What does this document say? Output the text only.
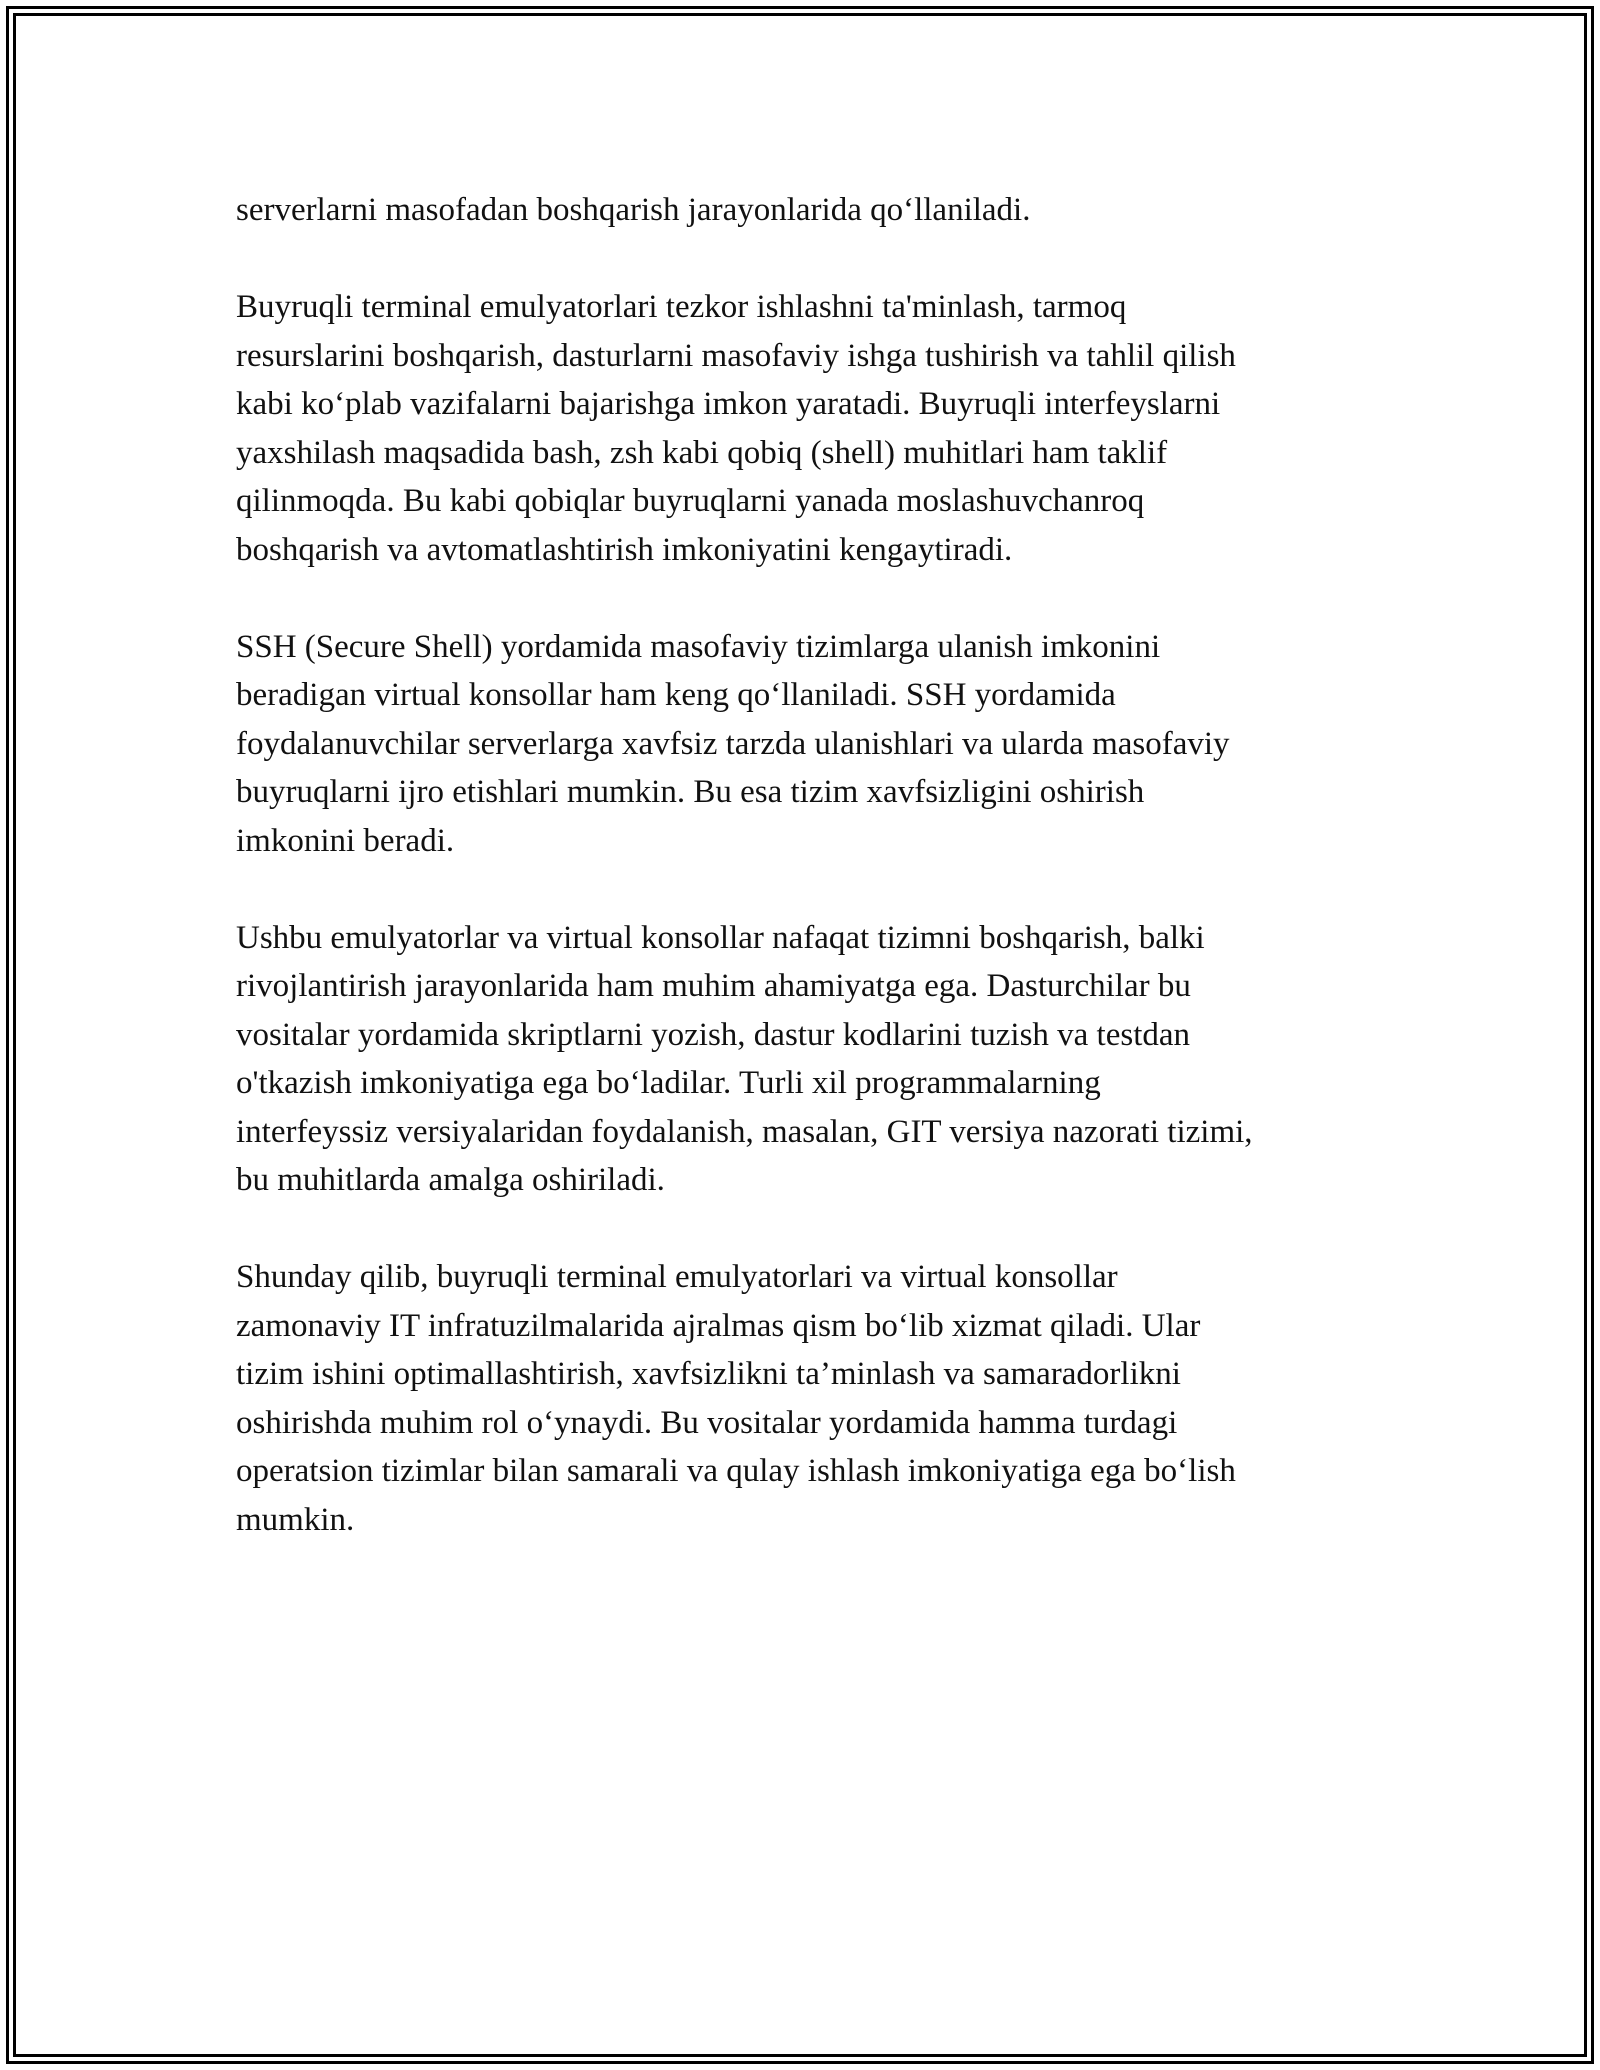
serverlarni masofadan boshqarish jarayonlarida qo‘llaniladi.

Buyruqli terminal emulyatorlari tezkor ishlashni ta'minlash, tarmoq
resurslarini boshqarish, dasturlarni masofaviy ishga tushirish va tahlil qilish
kabi ko‘plab vazifalarni bajarishga imkon yaratadi. Buyruqli interfeyslarni
yaxshilash maqsadida bash, zsh kabi qobiq (shell) muhitlari ham taklif
qilinmoqda. Bu kabi qobiqlar buyruqlarni yanada moslashuvchanroq
boshqarish va avtomatlashtirish imkoniyatini kengaytiradi.

SSH (Secure Shell) yordamida masofaviy tizimlarga ulanish imkonini
beradigan virtual konsollar ham keng qo‘llaniladi. SSH yordamida
foydalanuvchilar serverlarga xavfsiz tarzda ulanishlari va ularda masofaviy
buyruqlarni ijro etishlari mumkin. Bu esa tizim xavfsizligini oshirish
imkonini beradi.

Ushbu emulyatorlar va virtual konsollar nafaqat tizimni boshqarish, balki
rivojlantirish jarayonlarida ham muhim ahamiyatga ega. Dasturchilar bu
vositalar yordamida skriptlarni yozish, dastur kodlarini tuzish va testdan
o'tkazish imkoniyatiga ega bo‘ladilar. Turli xil programmalarning
interfeyssiz versiyalaridan foydalanish, masalan, GIT versiya nazorati tizimi,
bu muhitlarda amalga oshiriladi.

Shunday qilib, buyruqli terminal emulyatorlari va virtual konsollar
zamonaviy IT infratuzilmalarida ajralmas qism bo‘lib xizmat qiladi. Ular
tizim ishini optimallashtirish, xavfsizlikni ta’minlash va samaradorlikni
oshirishda muhim rol o‘ynaydi. Bu vositalar yordamida hamma turdagi
operatsion tizimlar bilan samarali va qulay ishlash imkoniyatiga ega bo‘lish
mumkin.
